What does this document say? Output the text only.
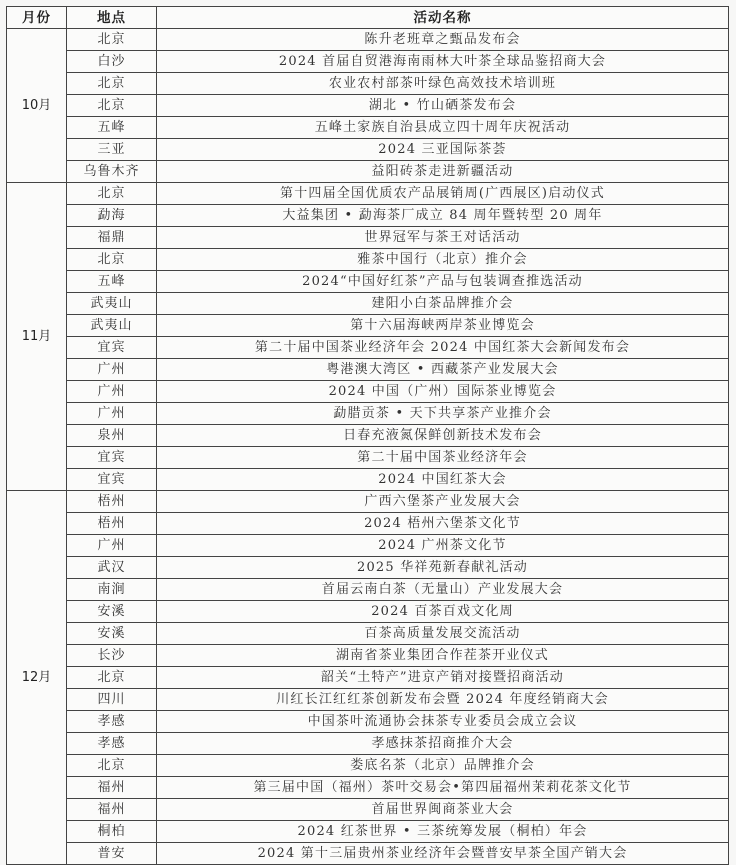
月份	地点	活动名称
10月	北京	陈升老班章之甄品发布会
	白沙	2024 首届自贸港海南雨林大叶茶全球品鉴招商大会
	北京	农业农村部茶叶绿色高效技术培训班
	北京	湖北 • 竹山硒茶发布会
	五峰	五峰土家族自治县成立四十周年庆祝活动
	三亚	2024 三亚国际茶荟
	乌鲁木齐	益阳砖茶走进新疆活动
11月	北京	第十四届全国优质农产品展销周(广西展区)启动仪式
	勐海	大益集团 • 勐海茶厂成立 84 周年暨转型 20 周年
	福鼎	世界冠军与茶王对话活动
	北京	雅茶中国行（北京）推介会
	五峰	2024“中国好红茶”产品与包装调查推选活动
	武夷山	建阳小白茶品牌推介会
	武夷山	第十六届海峡两岸茶业博览会
	宜宾	第二十届中国茶业经济年会 2024 中国红茶大会新闻发布会
	广州	粤港澳大湾区 • 西藏茶产业发展大会
	广州	2024 中国（广州）国际茶业博览会
	广州	勐腊贡茶 • 天下共享茶产业推介会
	泉州	日春充液氮保鲜创新技术发布会
	宜宾	第二十届中国茶业经济年会
	宜宾	2024 中国红茶大会
12月	梧州	广西六堡茶产业发展大会
	梧州	2024 梧州六堡茶文化节
	广州	2024 广州茶文化节
	武汉	2025 华祥苑新春献礼活动
	南涧	首届云南白茶（无量山）产业发展大会
	安溪	2024 百茶百戏文化周
	安溪	百茶高质量发展交流活动
	长沙	湖南省茶业集团合作茬茶开业仪式
	北京	韶关“土特产”进京产销对接暨招商活动
	四川	川红长江红红茶创新发布会暨 2024 年度经销商大会
	孝感	中国茶叶流通协会抹茶专业委员会成立会议
	孝感	孝感抹茶招商推介大会
	北京	娄底名茶（北京）品牌推介会
	福州	第三届中国（福州）茶叶交易会•第四届福州茉莉花茶文化节
	福州	首届世界闽商茶业大会
	桐柏	2024 红茶世界 • 三茶统筹发展（桐柏）年会
	普安	2024 第十三届贵州茶业经济年会暨普安早茶全国产销大会
